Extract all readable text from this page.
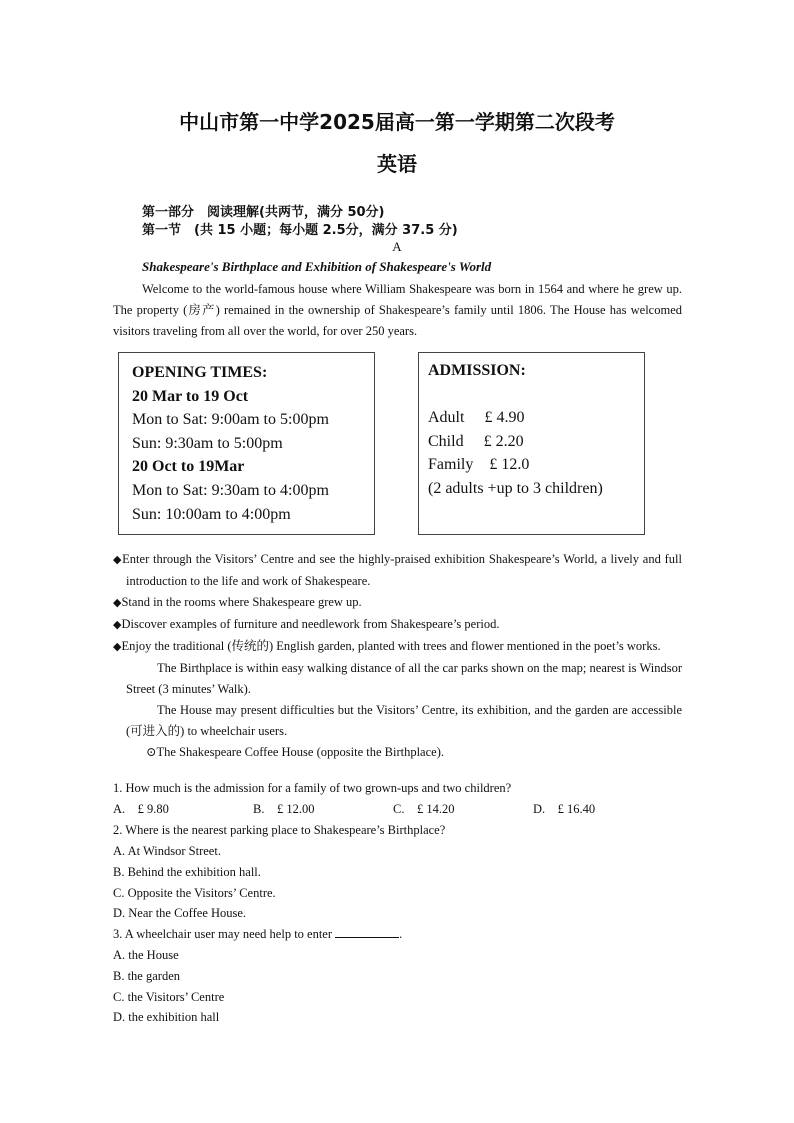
中山市第一中学2025届高一第一学期第二次段考
英语
第一部分　阅读理解(共两节，满分 50分)
第一节　(共 15 小题；每小题 2.5分，满分 37.5 分)
A
Shakespeare's Birthplace and Exhibition of Shakespeare's World
Welcome to the world-famous house where William Shakespeare was born in 1564 and where he grew up. The property (房产) remained in the ownership of Shakespeare’s family until 1806. The House has welcomed visitors traveling from all over the world, for over 250 years.
OPENING TIMES:
20 Mar to 19 Oct
Mon to Sat: 9:00am to 5:00pm
Sun: 9:30am to 5:00pm
20 Oct to 19Mar
Mon to Sat: 9:30am to 4:00pm
Sun: 10:00am to 4:00pm
ADMISSION:
Adult　 £ 4.90
Child　 £ 2.20
Family　£ 12.0
(2 adults +up to 3 children)
◆Enter through the Visitors’ Centre and see the highly-praised exhibition Shakespeare’s World, a lively and full introduction to the life and work of Shakespeare.
◆Stand in the rooms where Shakespeare grew up.
◆Discover examples of furniture and needlework from Shakespeare’s period.
◆Enjoy the traditional (传统的) English garden, planted with trees and flower mentioned in the poet’s works.
The Birthplace is within easy walking distance of all the car parks shown on the map; nearest is Windsor Street (3 minutes’ Walk).
The House may present difficulties but the Visitors’ Centre, its exhibition, and the garden are accessible (可进入的) to wheelchair users.
⊙The Shakespeare Coffee House (opposite the Birthplace).
1. How much is the admission for a family of two grown-ups and two children?
A.　£ 9.80	B.　£ 12.00	C.　£ 14.20	D.　£ 16.40
2. Where is the nearest parking place to Shakespeare’s Birthplace?
A. At Windsor Street.
B. Behind the exhibition hall.
C. Opposite the Visitors’ Centre.
D. Near the Coffee House.
3. A wheelchair user may need help to enter	.
A. the House
B. the garden
C. the Visitors’ Centre
D. the exhibition hall
